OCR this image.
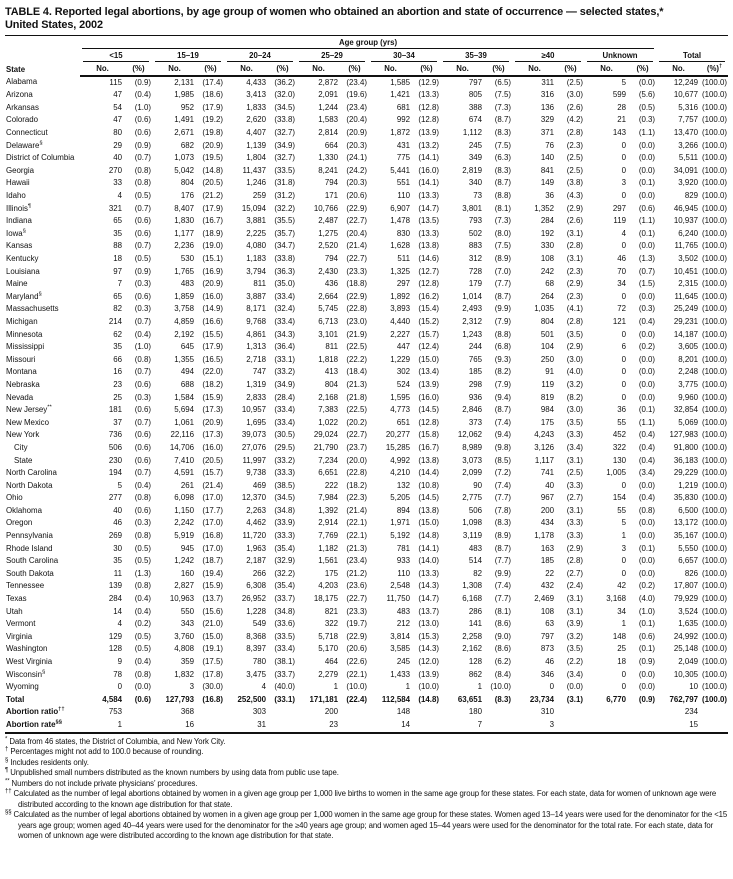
TABLE 4. Reported legal abortions, by age group of women who obtained an abortion and state of occurrence — selected states,*
United States, 2002
State	Age group (yrs)																	

	<15		15–19		20–24		25–29		30–34		35–39		≥40		Unknown		Total	

	No.	(%)	No.	(%)	No.	(%)	No.	(%)	No.	(%)	No.	(%)	No.	(%)	No.	(%)	No.	(%)†
Alabama	115	(0.9)	2,131	(17.4)	4,433	(36.2)	2,872	(23.4)	1,585	(12.9)	797	(6.5)	311	(2.5)	5	(0.0)	12,249	(100.0)
Arizona	47	(0.4)	1,985	(18.6)	3,413	(32.0)	2,091	(19.6)	1,421	(13.3)	805	(7.5)	316	(3.0)	599	(5.6)	10,677	(100.0)
Arkansas	54	(1.0)	952	(17.9)	1,833	(34.5)	1,244	(23.4)	681	(12.8)	388	(7.3)	136	(2.6)	28	(0.5)	5,316	(100.0)
Colorado	47	(0.6)	1,491	(19.2)	2,620	(33.8)	1,583	(20.4)	992	(12.8)	674	(8.7)	329	(4.2)	21	(0.3)	7,757	(100.0)
Connecticut	80	(0.6)	2,671	(19.8)	4,407	(32.7)	2,814	(20.9)	1,872	(13.9)	1,112	(8.3)	371	(2.8)	143	(1.1)	13,470	(100.0)
Delaware§	29	(0.9)	682	(20.9)	1,139	(34.9)	664	(20.3)	431	(13.2)	245	(7.5)	76	(2.3)	0	(0.0)	3,266	(100.0)
District of Columbia	40	(0.7)	1,073	(19.5)	1,804	(32.7)	1,330	(24.1)	775	(14.1)	349	(6.3)	140	(2.5)	0	(0.0)	5,511	(100.0)
Georgia	270	(0.8)	5,042	(14.8)	11,437	(33.5)	8,241	(24.2)	5,441	(16.0)	2,819	(8.3)	841	(2.5)	0	(0.0)	34,091	(100.0)
Hawaii	33	(0.8)	804	(20.5)	1,246	(31.8)	794	(20.3)	551	(14.1)	340	(8.7)	149	(3.8)	3	(0.1)	3,920	(100.0)
Idaho	4	(0.5)	176	(21.2)	259	(31.2)	171	(20.6)	110	(13.3)	73	(8.8)	36	(4.3)	0	(0.0)	829	(100.0)
Illinois¶	321	(0.7)	8,407	(17.9)	15,094	(32.2)	10,766	(22.9)	6,907	(14.7)	3,801	(8.1)	1,352	(2.9)	297	(0.6)	46,945	(100.0)
Indiana	65	(0.6)	1,830	(16.7)	3,881	(35.5)	2,487	(22.7)	1,478	(13.5)	793	(7.3)	284	(2.6)	119	(1.1)	10,937	(100.0)
Iowa§	35	(0.6)	1,177	(18.9)	2,225	(35.7)	1,275	(20.4)	830	(13.3)	502	(8.0)	192	(3.1)	4	(0.1)	6,240	(100.0)
Kansas	88	(0.7)	2,236	(19.0)	4,080	(34.7)	2,520	(21.4)	1,628	(13.8)	883	(7.5)	330	(2.8)	0	(0.0)	11,765	(100.0)
Kentucky	18	(0.5)	530	(15.1)	1,183	(33.8)	794	(22.7)	511	(14.6)	312	(8.9)	108	(3.1)	46	(1.3)	3,502	(100.0)
Louisiana	97	(0.9)	1,765	(16.9)	3,794	(36.3)	2,430	(23.3)	1,325	(12.7)	728	(7.0)	242	(2.3)	70	(0.7)	10,451	(100.0)
Maine	7	(0.3)	483	(20.9)	811	(35.0)	436	(18.8)	297	(12.8)	179	(7.7)	68	(2.9)	34	(1.5)	2,315	(100.0)
Maryland§	65	(0.6)	1,859	(16.0)	3,887	(33.4)	2,664	(22.9)	1,892	(16.2)	1,014	(8.7)	264	(2.3)	0	(0.0)	11,645	(100.0)
Massachusetts	82	(0.3)	3,758	(14.9)	8,171	(32.4)	5,745	(22.8)	3,893	(15.4)	2,493	(9.9)	1,035	(4.1)	72	(0.3)	25,249	(100.0)
Michigan	214	(0.7)	4,859	(16.6)	9,768	(33.4)	6,713	(23.0)	4,440	(15.2)	2,312	(7.9)	804	(2.8)	121	(0.4)	29,231	(100.0)
Minnesota	62	(0.4)	2,192	(15.5)	4,861	(34.3)	3,101	(21.9)	2,227	(15.7)	1,243	(8.8)	501	(3.5)	0	(0.0)	14,187	(100.0)
Mississippi	35	(1.0)	645	(17.9)	1,313	(36.4)	811	(22.5)	447	(12.4)	244	(6.8)	104	(2.9)	6	(0.2)	3,605	(100.0)
Missouri	66	(0.8)	1,355	(16.5)	2,718	(33.1)	1,818	(22.2)	1,229	(15.0)	765	(9.3)	250	(3.0)	0	(0.0)	8,201	(100.0)
Montana	16	(0.7)	494	(22.0)	747	(33.2)	413	(18.4)	302	(13.4)	185	(8.2)	91	(4.0)	0	(0.0)	2,248	(100.0)
Nebraska	23	(0.6)	688	(18.2)	1,319	(34.9)	804	(21.3)	524	(13.9)	298	(7.9)	119	(3.2)	0	(0.0)	3,775	(100.0)
Nevada	25	(0.3)	1,584	(15.9)	2,833	(28.4)	2,168	(21.8)	1,595	(16.0)	936	(9.4)	819	(8.2)	0	(0.0)	9,960	(100.0)
New Jersey**	181	(0.6)	5,694	(17.3)	10,957	(33.4)	7,383	(22.5)	4,773	(14.5)	2,846	(8.7)	984	(3.0)	36	(0.1)	32,854	(100.0)
New Mexico	37	(0.7)	1,061	(20.9)	1,695	(33.4)	1,022	(20.2)	651	(12.8)	373	(7.4)	175	(3.5)	55	(1.1)	5,069	(100.0)
New York	736	(0.6)	22,116	(17.3)	39,073	(30.5)	29,024	(22.7)	20,277	(15.8)	12,062	(9.4)	4,243	(3.3)	452	(0.4)	127,983	(100.0)
City	506	(0.6)	14,706	(16.0)	27,076	(29.5)	21,790	(23.7)	15,285	(16.7)	8,989	(9.8)	3,126	(3.4)	322	(0.4)	91,800	(100.0)
State	230	(0.6)	7,410	(20.5)	11,997	(33.2)	7,234	(20.0)	4,992	(13.8)	3,073	(8.5)	1,117	(3.1)	130	(0.4)	36,183	(100.0)
North Carolina	194	(0.7)	4,591	(15.7)	9,738	(33.3)	6,651	(22.8)	4,210	(14.4)	2,099	(7.2)	741	(2.5)	1,005	(3.4)	29,229	(100.0)
North Dakota	5	(0.4)	261	(21.4)	469	(38.5)	222	(18.2)	132	(10.8)	90	(7.4)	40	(3.3)	0	(0.0)	1,219	(100.0)
Ohio	277	(0.8)	6,098	(17.0)	12,370	(34.5)	7,984	(22.3)	5,205	(14.5)	2,775	(7.7)	967	(2.7)	154	(0.4)	35,830	(100.0)
Oklahoma	40	(0.6)	1,150	(17.7)	2,263	(34.8)	1,392	(21.4)	894	(13.8)	506	(7.8)	200	(3.1)	55	(0.8)	6,500	(100.0)
Oregon	46	(0.3)	2,242	(17.0)	4,462	(33.9)	2,914	(22.1)	1,971	(15.0)	1,098	(8.3)	434	(3.3)	5	(0.0)	13,172	(100.0)
Pennsylvania	269	(0.8)	5,919	(16.8)	11,720	(33.3)	7,769	(22.1)	5,192	(14.8)	3,119	(8.9)	1,178	(3.3)	1	(0.0)	35,167	(100.0)
Rhode Island	30	(0.5)	945	(17.0)	1,963	(35.4)	1,182	(21.3)	781	(14.1)	483	(8.7)	163	(2.9)	3	(0.1)	5,550	(100.0)
South Carolina	35	(0.5)	1,242	(18.7)	2,187	(32.9)	1,561	(23.4)	933	(14.0)	514	(7.7)	185	(2.8)	0	(0.0)	6,657	(100.0)
South Dakota	11	(1.3)	160	(19.4)	266	(32.2)	175	(21.2)	110	(13.3)	82	(9.9)	22	(2.7)	0	(0.0)	826	(100.0)
Tennessee	139	(0.8)	2,827	(15.9)	6,308	(35.4)	4,203	(23.6)	2,548	(14.3)	1,308	(7.4)	432	(2.4)	42	(0.2)	17,807	(100.0)
Texas	284	(0.4)	10,963	(13.7)	26,952	(33.7)	18,175	(22.7)	11,750	(14.7)	6,168	(7.7)	2,469	(3.1)	3,168	(4.0)	79,929	(100.0)
Utah	14	(0.4)	550	(15.6)	1,228	(34.8)	821	(23.3)	483	(13.7)	286	(8.1)	108	(3.1)	34	(1.0)	3,524	(100.0)
Vermont	4	(0.2)	343	(21.0)	549	(33.6)	322	(19.7)	212	(13.0)	141	(8.6)	63	(3.9)	1	(0.1)	1,635	(100.0)
Virginia	129	(0.5)	3,760	(15.0)	8,368	(33.5)	5,718	(22.9)	3,814	(15.3)	2,258	(9.0)	797	(3.2)	148	(0.6)	24,992	(100.0)
Washington	128	(0.5)	4,808	(19.1)	8,397	(33.4)	5,170	(20.6)	3,585	(14.3)	2,162	(8.6)	873	(3.5)	25	(0.1)	25,148	(100.0)
West Virginia	9	(0.4)	359	(17.5)	780	(38.1)	464	(22.6)	245	(12.0)	128	(6.2)	46	(2.2)	18	(0.9)	2,049	(100.0)
Wisconsin§	78	(0.8)	1,832	(17.8)	3,475	(33.7)	2,279	(22.1)	1,433	(13.9)	862	(8.4)	346	(3.4)	0	(0.0)	10,305	(100.0)
Wyoming	0	(0.0)	3	(30.0)	4	(40.0)	1	(10.0)	1	(10.0)	1	(10.0)	0	(0.0)	0	(0.0)	10	(100.0)
Total	4,584	(0.6)	127,793	(16.8)	252,500	(33.1)	171,181	(22.4)	112,584	(14.8)	63,651	(8.3)	23,734	(3.1)	6,770	(0.9)	762,797	(100.0)
Abortion ratio††	753		368		303		200		148		180		310				234	
Abortion rate§§	1		16		31		23		14		7		3				15	
* Data from 46 states, the District of Columbia, and New York City.
† Percentages might not add to 100.0 because of rounding.
§ Includes residents only.
¶ Unpublished small numbers distributed as the known numbers by using data from public use tape.
** Numbers do not include private physicians’ procedures.
†† Calculated as the number of legal abortions obtained by women in a given age group per 1,000 live births to women in the same age group for these states. For each state, data for women of unknown age were distributed according to the known age distribution for that state.
§§ Calculated as the number of legal abortions obtained by women in a given age group per 1,000 women in the same age group for these states. Women aged 13–14 years were used for the denominator for the <15 years age group; women aged 40–44 years were used for the denominator for the ≥40 years age group; and women aged 15–44 years were used for the denominator for the total rate. For each state, data for women of unknown age were distributed according to the known age distribution for that state.
